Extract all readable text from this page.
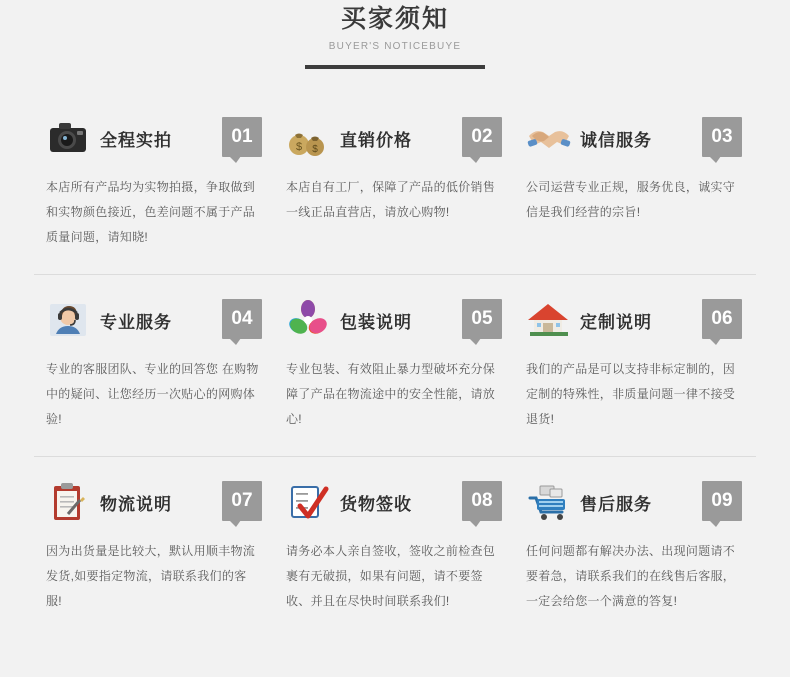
买家须知
BUYER'S NOTICEBUYE
全程实拍	01
本店所有产品均为实物拍摄，争取做到和实物颜色接近，色差问题不属于产品质量问题，请知晓!
$ $ 直销价格	02
本店自有工厂，保障了产品的低价销售一线正品直营店，请放心购物!
诚信服务	03
公司运营专业正规，服务优良，诚实守信是我们经营的宗旨!
专业服务	04
专业的客服团队、专业的回答您 在购物中的疑问、让您经历一次贴心的网购体验!
包装说明	05
专业包装、有效阻止暴力型破坏充分保障了产品在物流途中的安全性能，请放心!
定制说明	06
我们的产品是可以支持非标定制的，因定制的特殊性，非质量问题一律不接受退货!
物流说明	07
因为出货量是比较大，默认用顺丰物流发货,如要指定物流，请联系我们的客服!
货物签收	08
请务必本人亲自签收，签收之前检查包裹有无破损，如果有问题，请不要签收、并且在尽快时间联系我们!
售后服务	09
任何问题都有解决办法、出现问题请不要着急，请联系我们的在线售后客服，一定会给您一个满意的答复!
